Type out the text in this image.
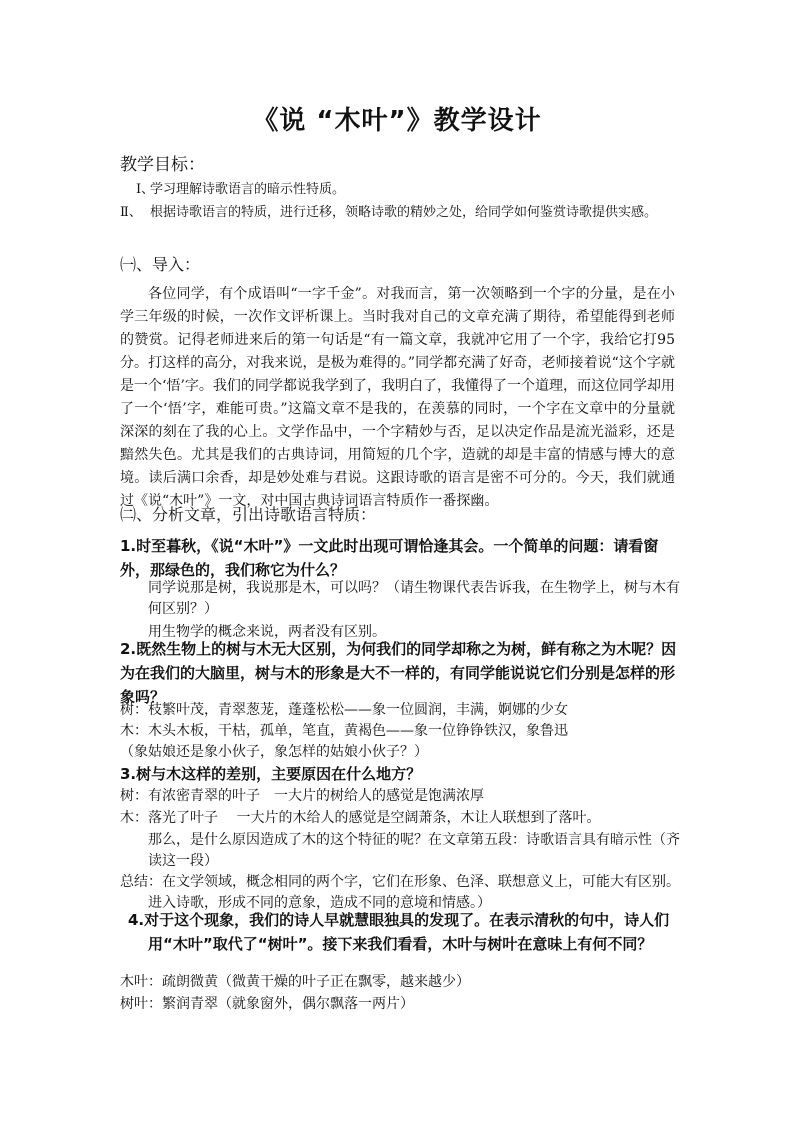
《说 “木叶”》教学设计
教学目标：
Ⅰ、学习理解诗歌语言的暗示性特质。
Ⅱ、 根据诗歌语言的特质，进行迁移，领略诗歌的精妙之处，给同学如何鉴赏诗歌提供实感。
㈠、导入：
各位同学，有个成语叫“一字千金”。对我而言，第一次领略到一个字的分量，是在小学三年级的时候，一次作文评析课上。当时我对自己的文章充满了期待，希望能得到老师的赞赏。记得老师进来后的第一句话是“有一篇文章，我就冲它用了一个字，我给它打95分。打这样的高分，对我来说，是极为难得的。”同学都充满了好奇，老师接着说“这个字就是一个‘悟’字。我们的同学都说我学到了，我明白了，我懂得了一个道理，而这位同学却用了一个‘悟’字，难能可贵。”这篇文章不是我的，在羡慕的同时，一个字在文章中的分量就深深的刻在了我的心上。文学作品中，一个字精妙与否，足以决定作品是流光溢彩，还是黯然失色。尤其是我们的古典诗词，用简短的几个字，造就的却是丰富的情感与博大的意境。读后满口余香，却是妙处难与君说。这跟诗歌的语言是密不可分的。今天，我们就通过《说“木叶”》一文，对中国古典诗词语言特质作一番探幽。
㈡、分析文章，引出诗歌语言特质：
1.时至暮秋，《说“木叶”》一文此时出现可谓恰逢其会。一个简单的问题：请看窗外，那绿色的，我们称它为什么？
同学说那是树，我说那是木，可以吗？（请生物课代表告诉我，在生物学上，树与木有何区别？）
用生物学的概念来说，两者没有区别。
2.既然生物上的树与木无大区别，为何我们的同学却称之为树，鲜有称之为木呢？因为在我们的大脑里，树与木的形象是大不一样的，有同学能说说它们分别是怎样的形象吗？
树：枝繁叶茂，青翠葱茏，蓬蓬松松——象一位圆润，丰满，婀娜的少女
木：木头木板，干枯，孤单，笔直，黄褐色——象一位铮铮铁汉，象鲁迅
（象姑娘还是象小伙子，象怎样的姑娘小伙子？）
3.树与木这样的差别，主要原因在什么地方？
树：有浓密青翠的叶子　一大片的树给人的感觉是饱满浓厚
木：落光了叶子　 一大片的木给人的感觉是空阔萧条，木让人联想到了落叶。
那么，是什么原因造成了木的这个特征的呢？在文章第五段：诗歌语言具有暗示性（齐读这一段）
总结：在文学领域，概念相同的两个字，它们在形象、色泽、联想意义上，可能大有区别。进入诗歌，形成不同的意象，造成不同的意境和情感。）
4.对于这个现象，我们的诗人早就慧眼独具的发现了。在表示清秋的句中，诗人们用“木叶”取代了“树叶”。接下来我们看看，木叶与树叶在意味上有何不同？
木叶：疏朗微黄（微黄干燥的叶子正在飘零，越来越少）
树叶：繁润青翠（就象窗外，偶尔飘落一两片）
